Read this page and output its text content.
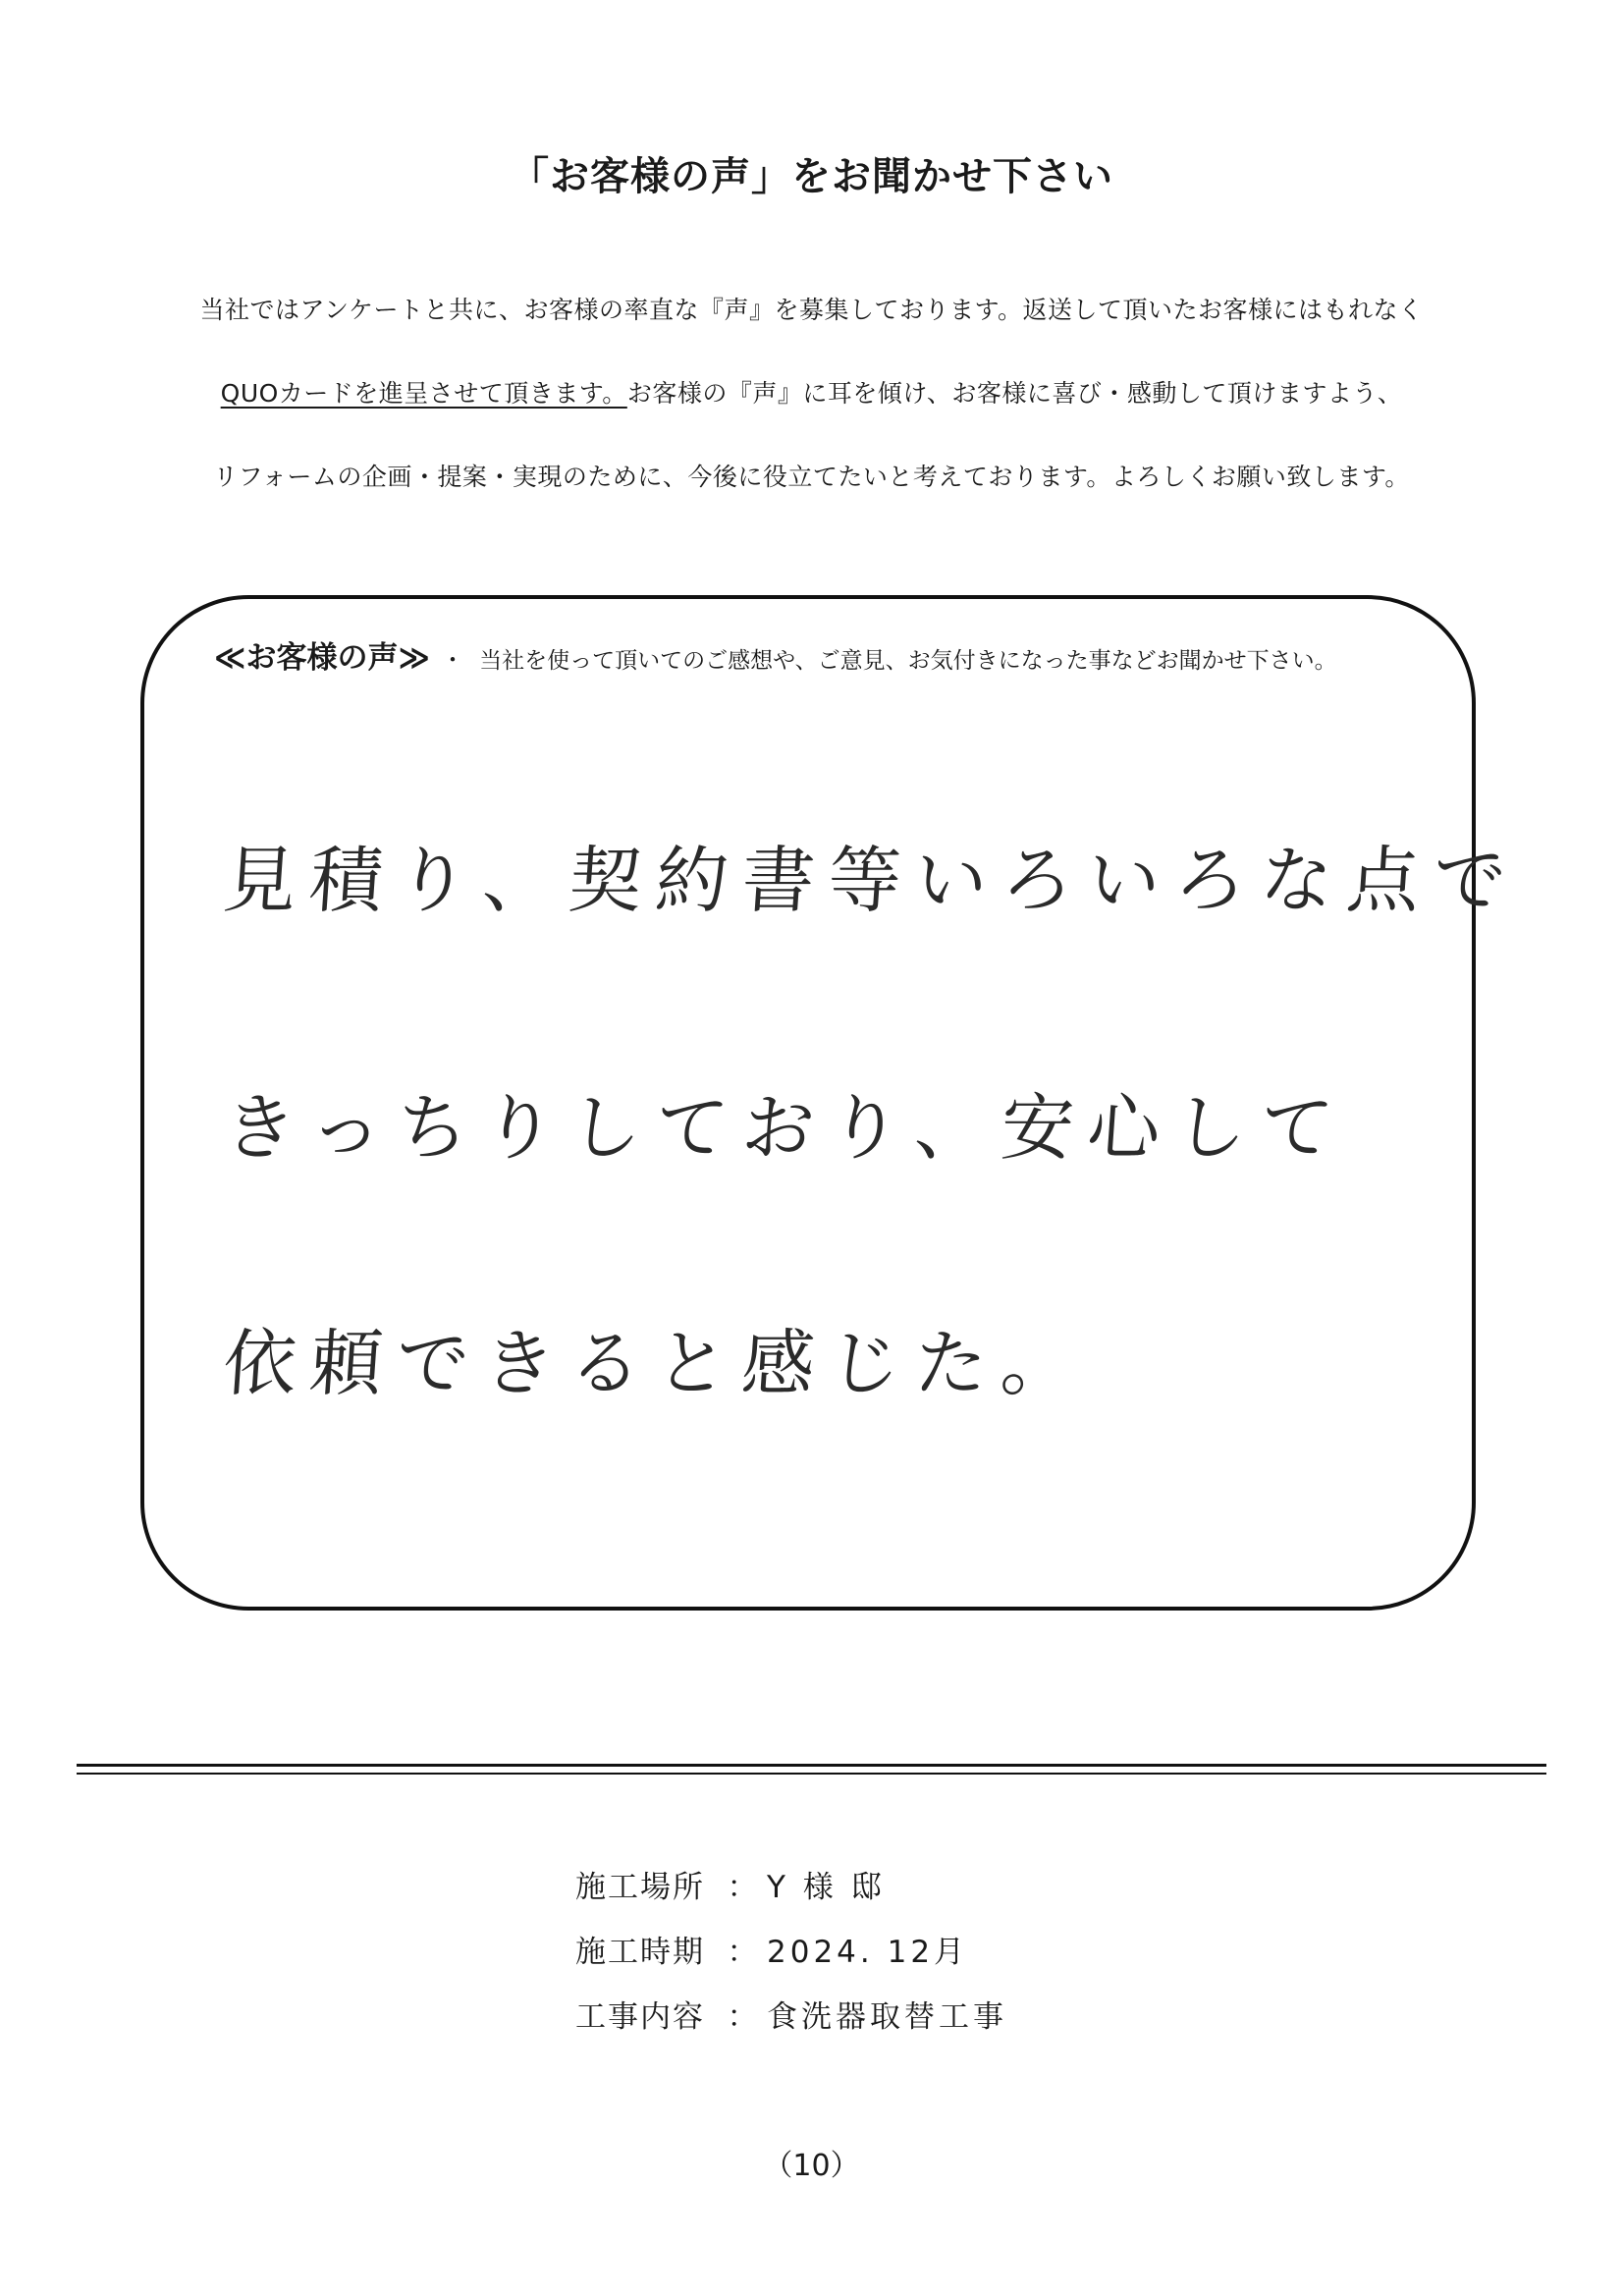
「お客様の声」をお聞かせ下さい
当社ではアンケートと共に、お客様の率直な『声』を募集しております。返送して頂いたお客様にはもれなく
QUOカードを進呈させて頂きます。お客様の『声』に耳を傾け、お客様に喜び・感動して頂けますよう、
リフォームの企画・提案・実現のために、今後に役立てたいと考えております。よろしくお願い致します。
≪お客様の声≫ ・ 当社を使って頂いてのご感想や、ご意見、お気付きになった事などお聞かせ下さい。
見積り、契約書等いろいろな点で
きっちりしており、安心して
依頼できると感じた。
施工場所 ： Y 様 邸
施工時期 ： 2024. 12月
工事内容 ： 食洗器取替工事
（10）
